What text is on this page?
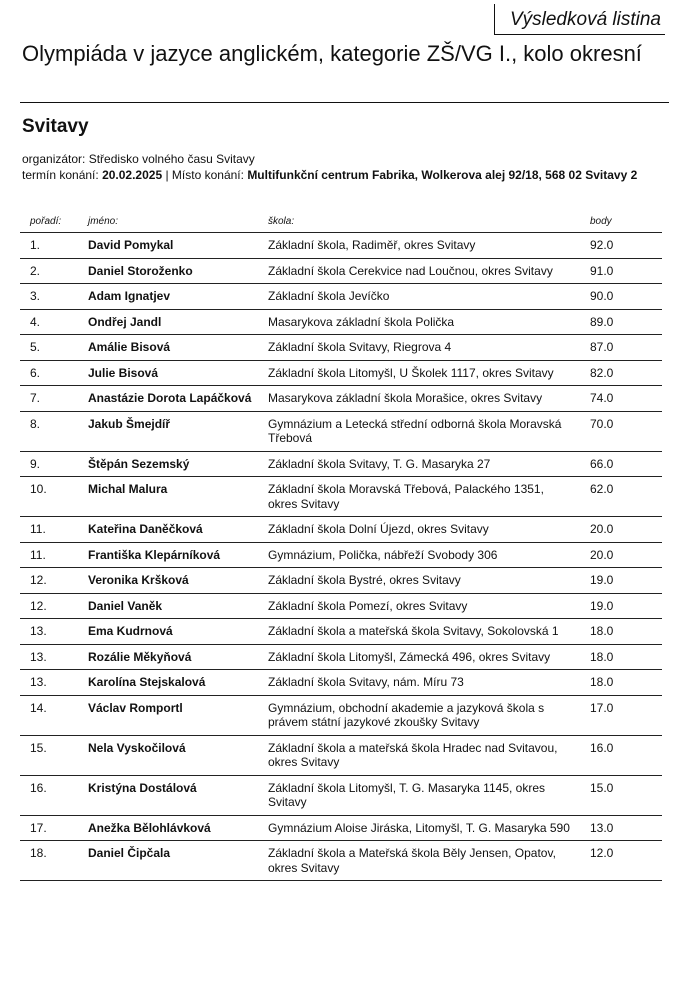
Výsledková listina
Olympiáda v jazyce anglickém, kategorie ZŠ/VG I., kolo okresní
Svitavy
organizátor: Středisko volného času Svitavy
termín konání: 20.02.2025 | Místo konání: Multifunkční centrum Fabrika, Wolkerova alej 92/18, 568 02 Svitavy 2
pořadí:	jméno:	škola:	body
1.	David Pomykal	Základní škola, Radiměř, okres Svitavy	92.0
2.	Daniel Storoženko	Základní škola Cerekvice nad Loučnou, okres Svitavy	91.0
3.	Adam Ignatjev	Základní škola Jevíčko	90.0
4.	Ondřej Jandl	Masarykova základní škola Polička	89.0
5.	Amálie Bisová	Základní škola Svitavy, Riegrova 4	87.0
6.	Julie Bisová	Základní škola Litomyšl, U Školek 1117, okres Svitavy	82.0
7.	Anastázie Dorota Lapáčková	Masarykova základní škola Morašice, okres Svitavy	74.0
8.	Jakub Šmejdíř	Gymnázium a Letecká střední odborná škola Moravská Třebová	70.0
9.	Štěpán Sezemský	Základní škola Svitavy, T. G. Masaryka 27	66.0
10.	Michal Malura	Základní škola Moravská Třebová, Palackého 1351, okres Svitavy	62.0
11.	Kateřina Daněčková	Základní škola Dolní Újezd, okres Svitavy	20.0
11.	Františka Klepárníková	Gymnázium, Polička, nábřeží Svobody 306	20.0
12.	Veronika Kršková	Základní škola Bystré, okres Svitavy	19.0
12.	Daniel Vaněk	Základní škola Pomezí, okres Svitavy	19.0
13.	Ema Kudrnová	Základní škola a mateřská škola Svitavy, Sokolovská 1	18.0
13.	Rozálie Měkyňová	Základní škola Litomyšl, Zámecká 496, okres Svitavy	18.0
13.	Karolína Stejskalová	Základní škola Svitavy, nám. Míru 73	18.0
14.	Václav Romportl	Gymnázium, obchodní akademie a jazyková škola s právem státní jazykové zkoušky Svitavy	17.0
15.	Nela Vyskočilová	Základní škola a mateřská škola Hradec nad Svitavou, okres Svitavy	16.0
16.	Kristýna Dostálová	Základní škola Litomyšl, T. G. Masaryka 1145, okres Svitavy	15.0
17.	Anežka Bělohlávková	Gymnázium Aloise Jiráska, Litomyšl, T. G. Masaryka 590	13.0
18.	Daniel Čipčala	Základní škola a Mateřská škola Běly Jensen, Opatov, okres Svitavy	12.0
